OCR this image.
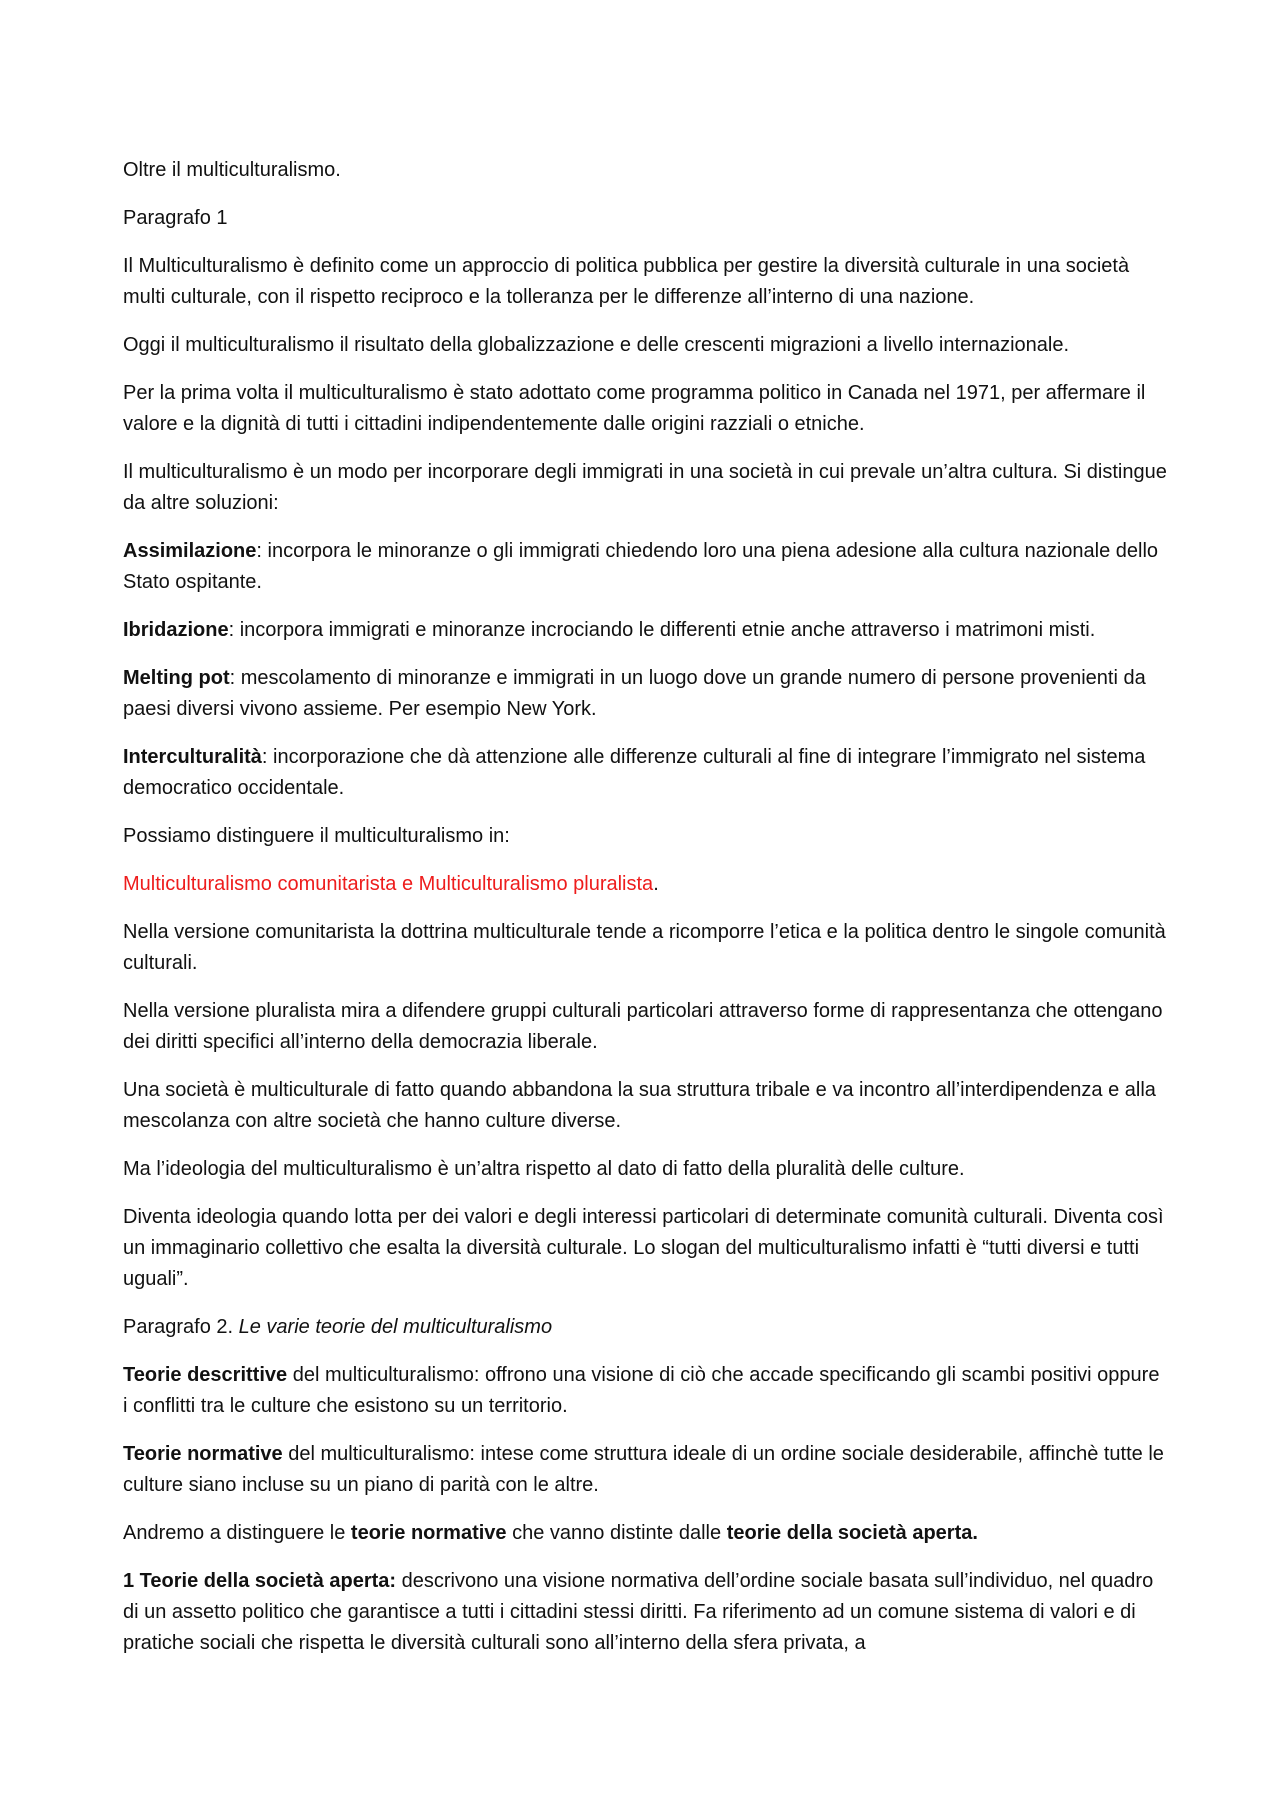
Oltre il multiculturalismo.

Paragrafo 1

Il Multiculturalismo è definito come un approccio di politica pubblica per gestire la diversità culturale in una società multi culturale, con il rispetto reciproco e la tolleranza per le differenze all’interno di una nazione.

Oggi il multiculturalismo il risultato della globalizzazione e delle crescenti migrazioni a livello internazionale.

Per la prima volta il multiculturalismo è stato adottato come programma politico in Canada nel 1971, per affermare il valore e la dignità di tutti i cittadini indipendentemente dalle origini razziali o etniche.

Il multiculturalismo è un modo per incorporare degli immigrati in una società in cui prevale un’altra cultura. Si distingue da altre soluzioni:

Assimilazione: incorpora le minoranze o gli immigrati chiedendo loro una piena adesione alla cultura nazionale dello Stato ospitante.

Ibridazione: incorpora immigrati e minoranze incrociando le differenti etnie anche attraverso i matrimoni misti.

Melting pot: mescolamento di minoranze e immigrati in un luogo dove un grande numero di persone provenienti da paesi diversi vivono assieme. Per esempio New York.

Interculturalità: incorporazione che dà attenzione alle differenze culturali al fine di integrare l’immigrato nel sistema democratico occidentale.

Possiamo distinguere il multiculturalismo in:

Multiculturalismo comunitarista e Multiculturalismo pluralista.

Nella versione comunitarista la dottrina multiculturale tende a ricomporre l’etica e la politica dentro le singole comunità culturali.

Nella versione pluralista mira a difendere gruppi culturali particolari attraverso forme di rappresentanza che ottengano dei diritti specifici all’interno della democrazia liberale.

Una società è multiculturale di fatto quando abbandona la sua struttura tribale e va incontro all’interdipendenza e alla mescolanza con altre società che hanno culture diverse.

Ma l’ideologia del multiculturalismo è un’altra rispetto al dato di fatto della pluralità delle culture.

Diventa ideologia quando lotta per dei valori e degli interessi particolari di determinate comunità culturali. Diventa così un immaginario collettivo che esalta la diversità culturale. Lo slogan del multiculturalismo infatti è “tutti diversi e tutti uguali”.

Paragrafo 2. Le varie teorie del multiculturalismo

Teorie descrittive del multiculturalismo: offrono una visione di ciò che accade specificando gli scambi positivi oppure i conflitti tra le culture che esistono su un territorio.

Teorie normative del multiculturalismo: intese come struttura ideale di un ordine sociale desiderabile, affinchè tutte le culture siano incluse su un piano di parità con le altre.

Andremo a distinguere le teorie normative che vanno distinte dalle teorie della società aperta.

1 Teorie della società aperta: descrivono una visione normativa dell’ordine sociale basata sull’individuo, nel quadro di un assetto politico che garantisce a tutti i cittadini stessi diritti. Fa riferimento ad un comune sistema di valori e di pratiche sociali che rispetta le diversità culturali sono all’interno della sfera privata, a
